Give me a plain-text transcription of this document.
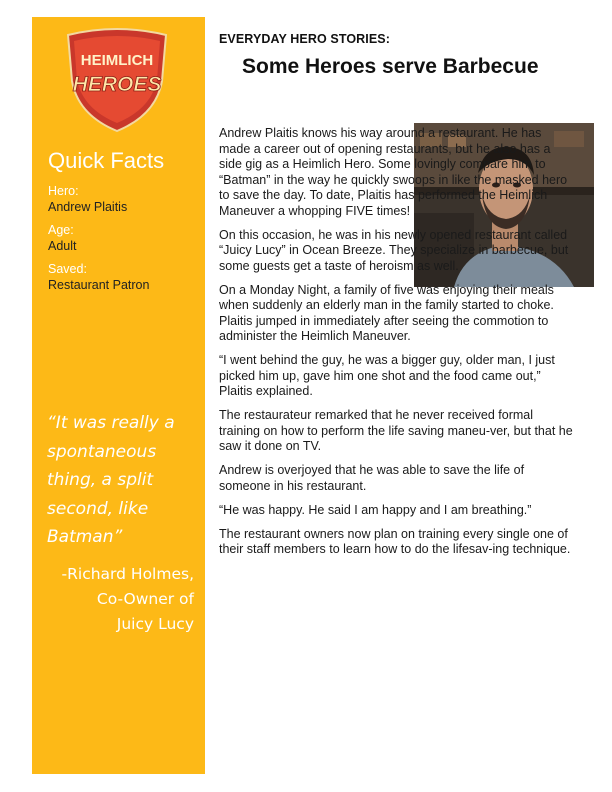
HEIMLICH
HEROES
Quick Facts
Hero:
Andrew Plaitis
Age:
Adult
Saved:
Restaurant Patron

“It was really a spontaneous thing, a split second, like Batman”

-Richard Holmes,
Co-Owner of
Juicy Lucy
EVERYDAY HERO STORIES:
Some Heroes serve Barbecue

Andrew Plaitis knows his way around a restaurant. He has made a career out of opening restaurants, but he also has a side gig as a Heimlich Hero. Some lovingly compare him to “Batman” in the way he quickly swoops in like the masked hero to save the day. To date, Plaitis has performed the Heimlich Maneuver a whopping FIVE times!

On this occasion, he was in his newly opened restaurant called “Juicy Lucy” in Ocean Breeze. They specialize in barbecue, but some guests get a taste of heroism as well.

On a Monday Night, a family of five was enjoying their meals when suddenly an elderly man in the family started to choke. Plaitis jumped in immediately after seeing the commotion to administer the Heimlich Maneuver.

“I went behind the guy, he was a bigger guy, older man, I just picked him up, gave him one shot and the food came out,” Plaitis explained.

The restaurateur remarked that he never received formal training on how to perform the life saving maneu-ver, but that he saw it done on TV.

Andrew is overjoyed that he was able to save the life of someone in his restaurant.

“He was happy. He said I am happy and I am breathing.”

The restaurant owners now plan on training every single one of their staff members to learn how to do the lifesav-ing technique.
